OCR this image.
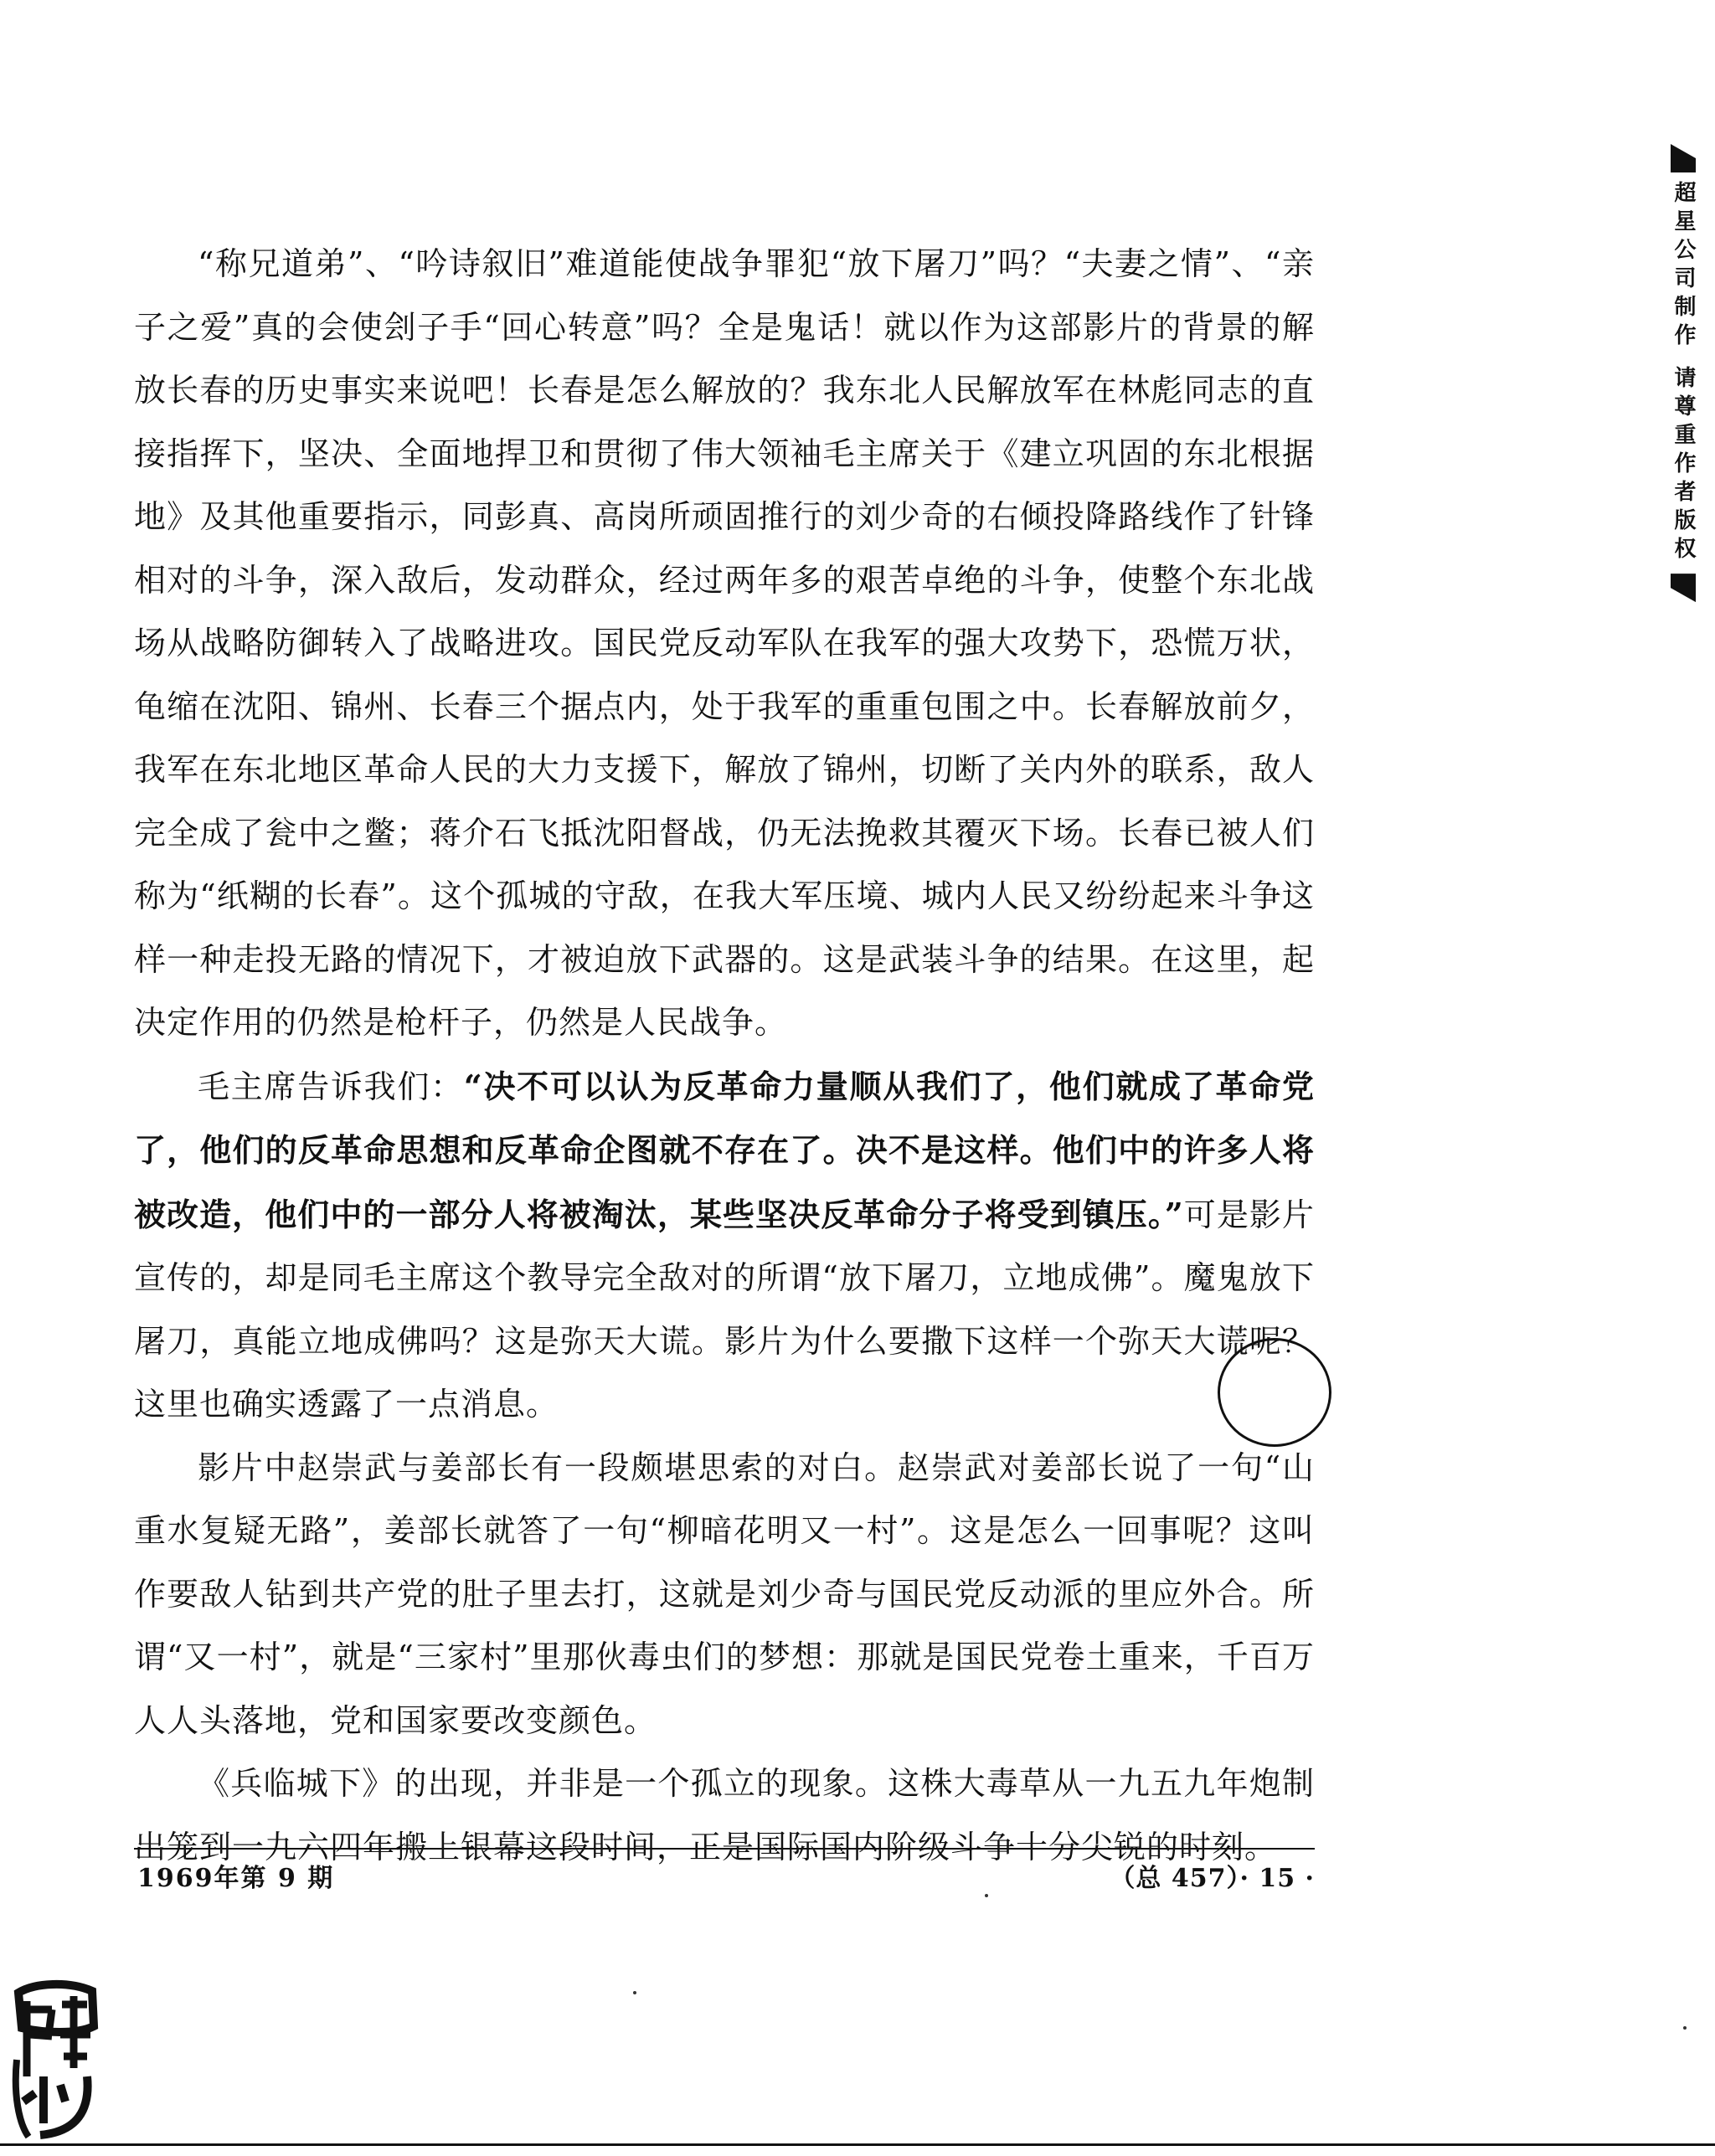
“称兄道弟”、“吟诗叙旧”难道能使战争罪犯“放下屠刀”吗？“夫妻之情”、“亲子之爱”真的会使刽子手“回心转意”吗？全是鬼话！就以作为这部影片的背景的解放长春的历史事实来说吧！长春是怎么解放的？我东北人民解放军在林彪同志的直接指挥下，坚决、全面地捍卫和贯彻了伟大领袖毛主席关于《建立巩固的东北根据地》及其他重要指示，同彭真、高岗所顽固推行的刘少奇的右倾投降路线作了针锋相对的斗争，深入敌后，发动群众，经过两年多的艰苦卓绝的斗争，使整个东北战场从战略防御转入了战略进攻。国民党反动军队在我军的强大攻势下，恐慌万状，龟缩在沈阳、锦州、长春三个据点内，处于我军的重重包围之中。长春解放前夕，我军在东北地区革命人民的大力支援下，解放了锦州，切断了关内外的联系，敌人完全成了瓮中之鳖；蒋介石飞抵沈阳督战，仍无法挽救其覆灭下场。长春已被人们称为“纸糊的长春”。这个孤城的守敌，在我大军压境、城内人民又纷纷起来斗争这样一种走投无路的情况下，才被迫放下武器的。这是武装斗争的结果。在这里，起决定作用的仍然是枪杆子，仍然是人民战争。

毛主席告诉我们：“决不可以认为反革命力量顺从我们了，他们就成了革命党了，他们的反革命思想和反革命企图就不存在了。决不是这样。他们中的许多人将被改造，他们中的一部分人将被淘汰，某些坚决反革命分子将受到镇压。”可是影片宣传的，却是同毛主席这个教导完全敌对的所谓“放下屠刀，立地成佛”。魔鬼放下屠刀，真能立地成佛吗？这是弥天大谎。影片为什么要撒下这样一个弥天大谎呢？这里也确实透露了一点消息。

影片中赵崇武与姜部长有一段颇堪思索的对白。赵崇武对姜部长说了一句“山重水复疑无路”，姜部长就答了一句“柳暗花明又一村”。这是怎么一回事呢？这叫作要敌人钻到共产党的肚子里去打，这就是刘少奇与国民党反动派的里应外合。所谓“又一村”，就是“三家村”里那伙毒虫们的梦想：那就是国民党卷土重来，千百万人人头落地，党和国家要改变颜色。

《兵临城下》的出现，并非是一个孤立的现象。这株大毒草从一九五九年炮制出笼到一九六四年搬上银幕这段时间，正是国际国内阶级斗争十分尖锐的时刻。

1969年第 9 期	（总 457）· 15 ·
超星公司制作 请尊重作者版权
